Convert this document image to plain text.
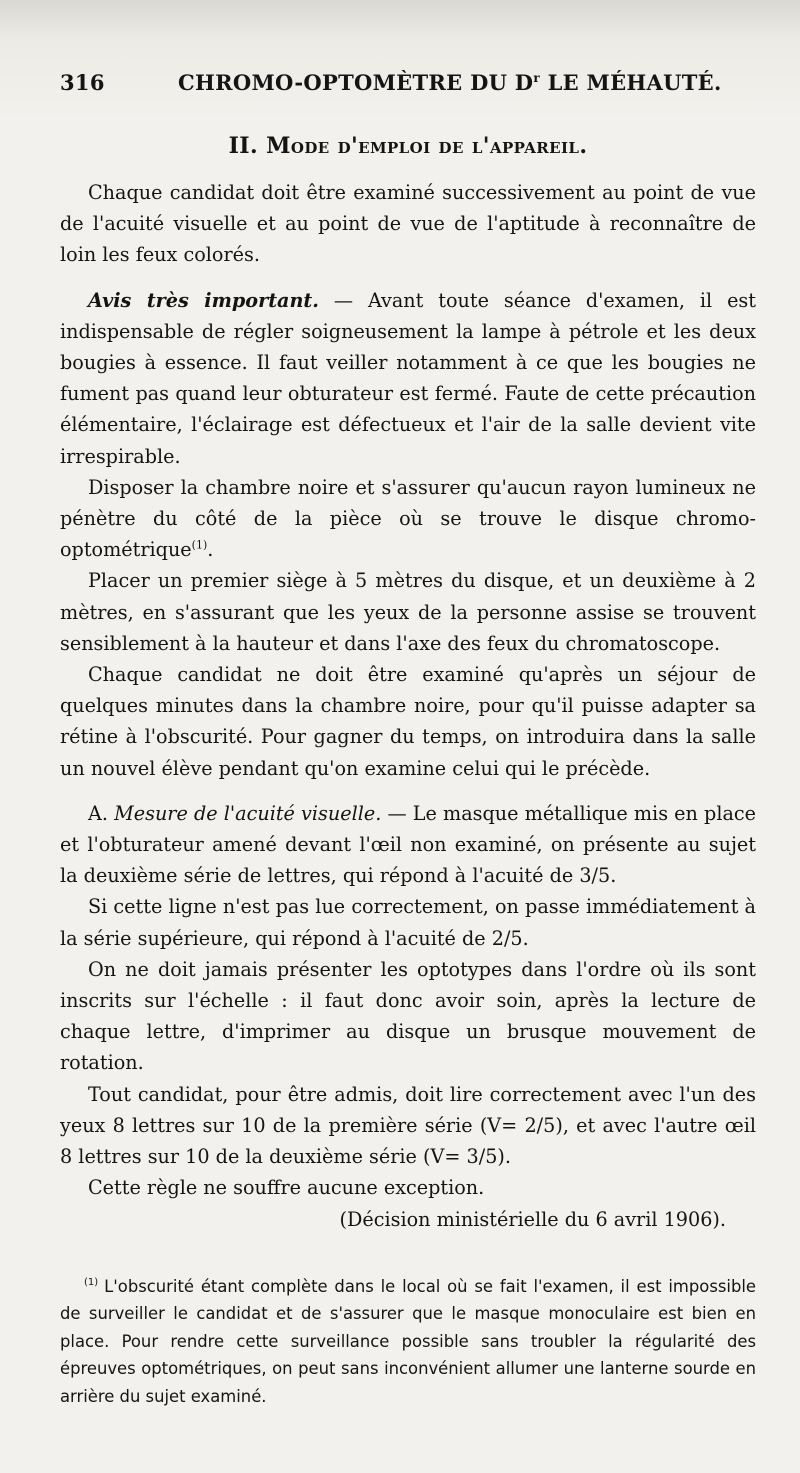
316	CHROMO-OPTOMÈTRE DU $D^r$ LE MÉHAUTÉ.
II. Mode d'emploi de l'appareil.

Chaque candidat doit être examiné successivement au point de vue de l'acuité visuelle et au point de vue de l'aptitude à reconnaître de loin les feux colorés.

Avis très important. — Avant toute séance d'examen, il est indispensable de régler soigneusement la lampe à pétrole et les deux bougies à essence. Il faut veiller notamment à ce que les bougies ne fument pas quand leur obturateur est fermé. Faute de cette précaution élémentaire, l'éclairage est défectueux et l'air de la salle devient vite irrespirable.

Disposer la chambre noire et s'assurer qu'aucun rayon lumineux ne pénètre du côté de la pièce où se trouve le disque chromo-optométrique$^{(1)}$.

Placer un premier siège à 5 mètres du disque, et un deuxième à 2 mètres, en s'assurant que les yeux de la personne assise se trouvent sensiblement à la hauteur et dans l'axe des feux du chromatoscope.

Chaque candidat ne doit être examiné qu'après un séjour de quelques minutes dans la chambre noire, pour qu'il puisse adapter sa rétine à l'obscurité. Pour gagner du temps, on introduira dans la salle un nouvel élève pendant qu'on examine celui qui le précède.

A. Mesure de l'acuité visuelle. — Le masque métallique mis en place et l'obturateur amené devant l'œil non examiné, on présente au sujet la deuxième série de lettres, qui répond à l'acuité de 3/5.

Si cette ligne n'est pas lue correctement, on passe immédiatement à la série supérieure, qui répond à l'acuité de 2/5.

On ne doit jamais présenter les optotypes dans l'ordre où ils sont inscrits sur l'échelle : il faut donc avoir soin, après la lecture de chaque lettre, d'imprimer au disque un brusque mouvement de rotation.

Tout candidat, pour être admis, doit lire correctement avec l'un des yeux 8 lettres sur 10 de la première série (V= 2/5), et avec l'autre œil 8 lettres sur 10 de la deuxième série (V= 3/5).

Cette règle ne souffre aucune exception.

(Décision ministérielle du 6 avril 1906).

$^{(1)}$ L'obscurité étant complète dans le local où se fait l'examen, il est impossible de surveiller le candidat et de s'assurer que le masque monoculaire est bien en place. Pour rendre cette surveillance possible sans troubler la régularité des épreuves optométriques, on peut sans inconvénient allumer une lanterne sourde en arrière du sujet examiné.
